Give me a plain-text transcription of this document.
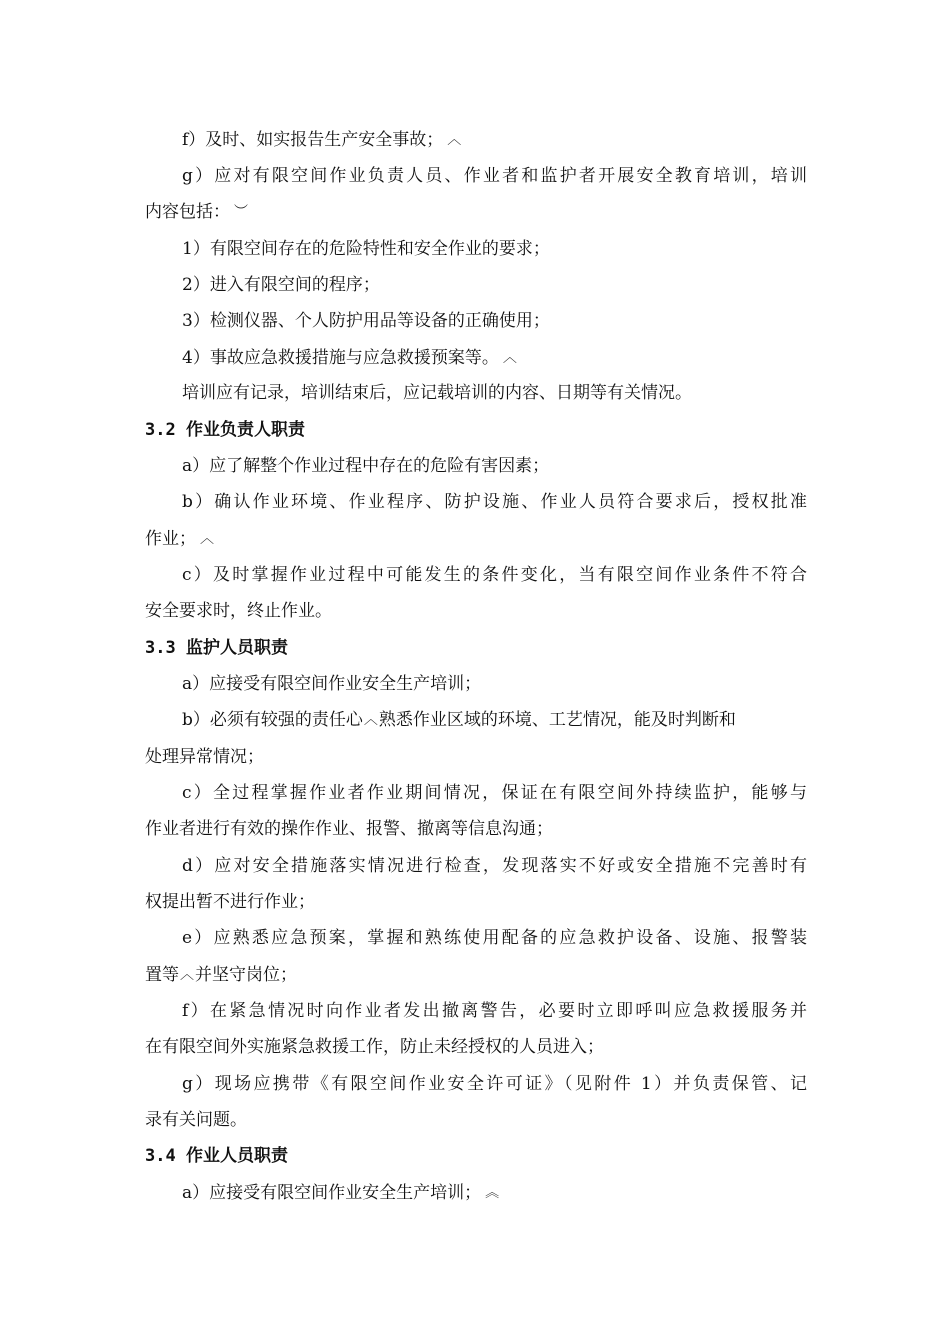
f）及时、如实报告生产安全事故； ︿
g）应对有限空间作业负责人员、作业者和监护者开展安全教育培训，培训
内容包括： ︶
1）有限空间存在的危险特性和安全作业的要求；
2）进入有限空间的程序；
3）检测仪器、个人防护用品等设备的正确使用；
4）事故应急救援措施与应急救援预案等。 ︿
培训应有记录，培训结束后，应记载培训的内容、日期等有关情况。
3.2 作业负责人职责
a）应了解整个作业过程中存在的危险有害因素；
b）确认作业环境、作业程序、防护设施、作业人员符合要求后，授权批准
作业； ︿
c）及时掌握作业过程中可能发生的条件变化，当有限空间作业条件不符合
安全要求时，终止作业。
3.3 监护人员职责
a）应接受有限空间作业安全生产培训；
b）必须有较强的责任心︿熟悉作业区域的环境、工艺情况，能及时判断和
处理异常情况；
c）全过程掌握作业者作业期间情况，保证在有限空间外持续监护，能够与
作业者进行有效的操作作业、报警、撤离等信息沟通；
d）应对安全措施落实情况进行检查，发现落实不好或安全措施不完善时有
权提出暂不进行作业；
e）应熟悉应急预案，掌握和熟练使用配备的应急救护设备、设施、报警装
置等︿并坚守岗位；
f）在紧急情况时向作业者发出撤离警告，必要时立即呼叫应急救援服务并
在有限空间外实施紧急救援工作，防止未经授权的人员进入；
g）现场应携带《有限空间作业安全许可证》（见附件 1）并负责保管、记
录有关问题。
3.4 作业人员职责
a）应接受有限空间作业安全生产培训； ︽
